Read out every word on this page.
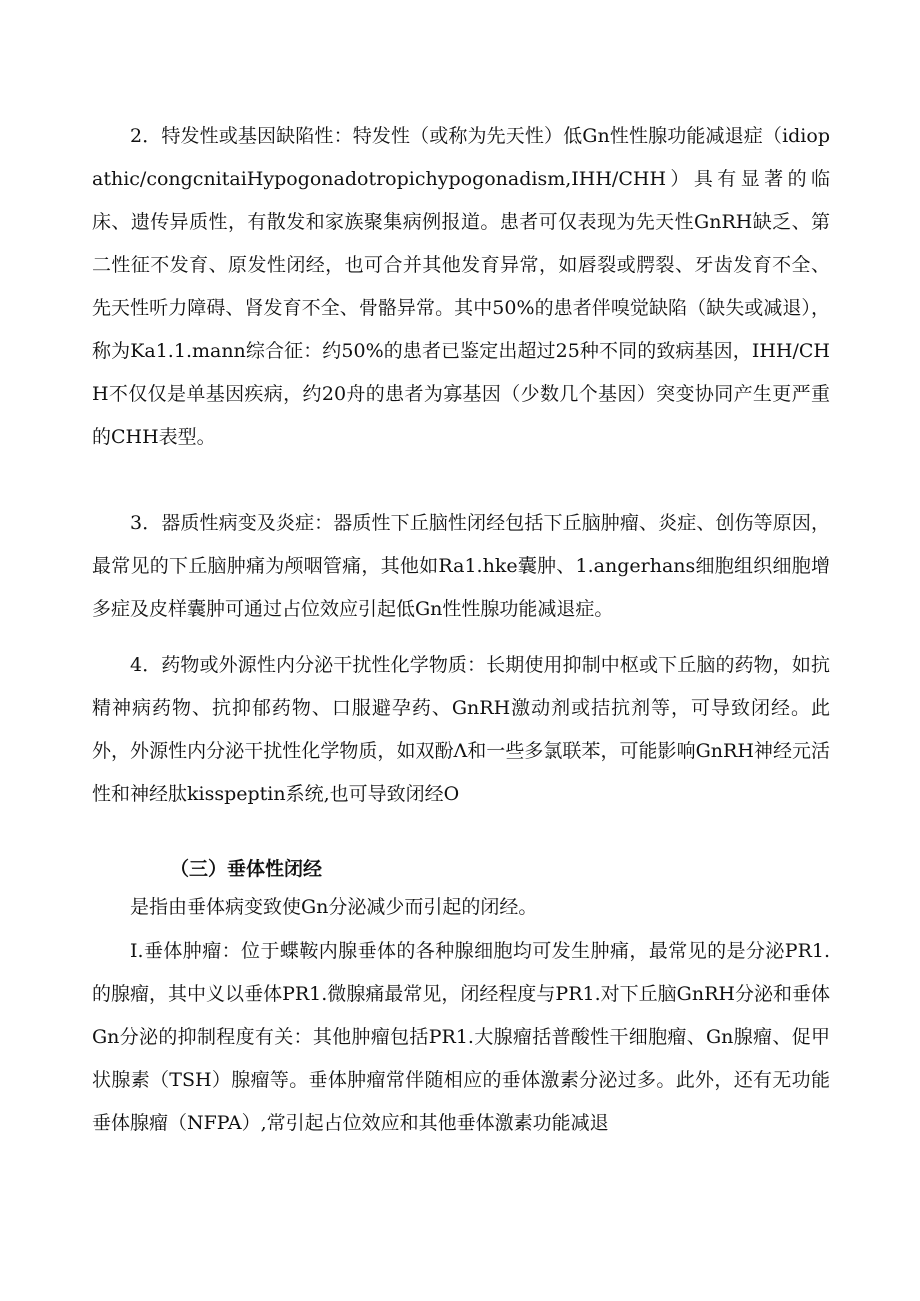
2．特发性或基因缺陷性：特发性（或称为先天性）低Gn性性腺功能减退症（idiopathic/congcnitaiHypogonadotropichypogonadism,IHH/CHH）具有显著的临床、遗传异质性，有散发和家族聚集病例报道。患者可仅表现为先天性GnRH缺乏、第二性征不发育、原发性闭经，也可合并其他发育异常，如唇裂或腭裂、牙齿发育不全、先天性听力障碍、肾发育不全、骨骼异常。其中50%的患者伴嗅觉缺陷（缺失或减退），称为Ka1.1.mann综合征：约50%的患者已鉴定出超过25种不同的致病基因，IHH/CHH不仅仅是单基因疾病，约20舟的患者为寡基因（少数几个基因）突变协同产生更严重的CHH表型。

3．器质性病变及炎症：器质性下丘脑性闭经包括下丘脑肿瘤、炎症、创伤等原因，最常见的下丘脑肿痛为颅咽管痛，其他如Ra1.hke囊肿、1.angerhans细胞组织细胞增多症及皮样囊肿可通过占位效应引起低Gn性性腺功能减退症。

4．药物或外源性内分泌干扰性化学物质：长期使用抑制中枢或下丘脑的药物，如抗精神病药物、抗抑郁药物、口服避孕药、GnRH激动剂或拮抗剂等，可导致闭经。此外，外源性内分泌干扰性化学物质，如双酚Λ和一些多氯联苯，可能影响GnRH神经元活性和神经肽kisspeptin系统,也可导致闭经O

（三）垂体性闭经

是指由垂体病变致使Gn分泌减少而引起的闭经。

I.垂体肿瘤：位于蝶鞍内腺垂体的各种腺细胞均可发生肿痛，最常见的是分泌PR1.的腺瘤，其中义以垂体PR1.微腺痛最常见，闭经程度与PR1.对下丘脑GnRH分泌和垂体Gn分泌的抑制程度有关：其他肿瘤包括PR1.大腺瘤括普酸性干细胞瘤、Gn腺瘤、促甲状腺素（TSH）腺瘤等。垂体肿瘤常伴随相应的垂体激素分泌过多。此外，还有无功能垂体腺瘤（NFPA）,常引起占位效应和其他垂体激素功能减退
